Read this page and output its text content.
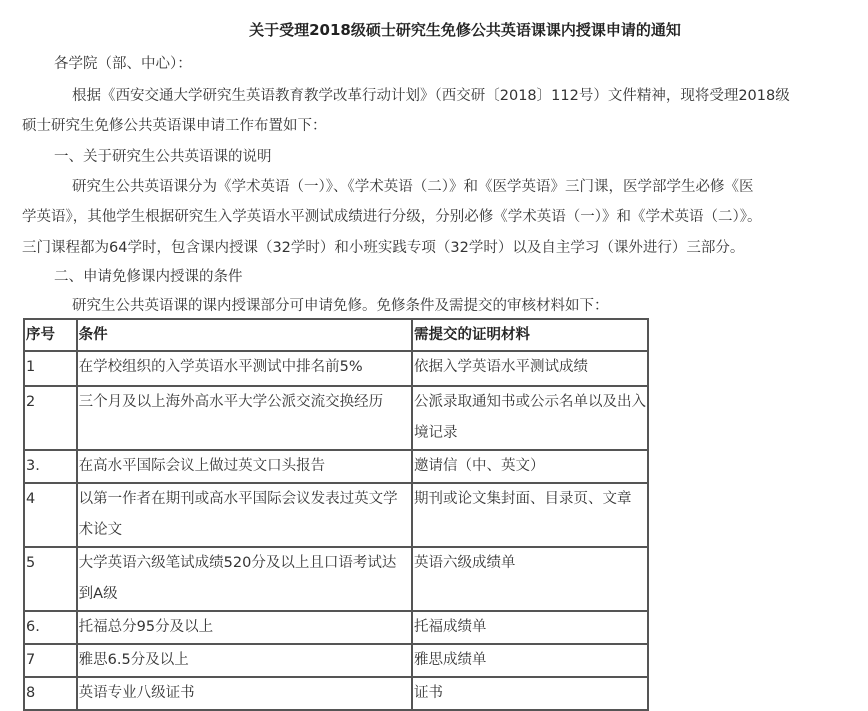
关于受理2018级硕士研究生免修公共英语课课内授课申请的通知
各学院（部、中心）：
根据《西安交通大学研究生英语教育教学改革行动计划》（西交研〔2018〕112号）文件精神，现将受理2018级
硕士研究生免修公共英语课申请工作布置如下：
一、关于研究生公共英语课的说明
研究生公共英语课分为《学术英语（一）》、《学术英语（二）》和《医学英语》三门课，医学部学生必修《医
学英语》，其他学生根据研究生入学英语水平测试成绩进行分级，分别必修《学术英语（一）》和《学术英语（二）》。
三门课程都为64学时，包含课内授课（32学时）和小班实践专项（32学时）以及自主学习（课外进行）三部分。
二、申请免修课内授课的条件
研究生公共英语课的课内授课部分可申请免修。免修条件及需提交的审核材料如下：
序号	条件	需提交的证明材料
1	在学校组织的入学英语水平测试中排名前5%	依据入学英语水平测试成绩
2	三个月及以上海外高水平大学公派交流交换经历	公派录取通知书或公示名单以及出入境记录
3.	在高水平国际会议上做过英文口头报告	邀请信（中、英文）
4	以第一作者在期刊或高水平国际会议发表过英文学术论文	期刊或论文集封面、目录页、文章
5	大学英语六级笔试成绩520分及以上且口语考试达到A级	英语六级成绩单
6.	托福总分95分及以上	托福成绩单
7	雅思6.5分及以上	雅思成绩单
8	英语专业八级证书	证书
